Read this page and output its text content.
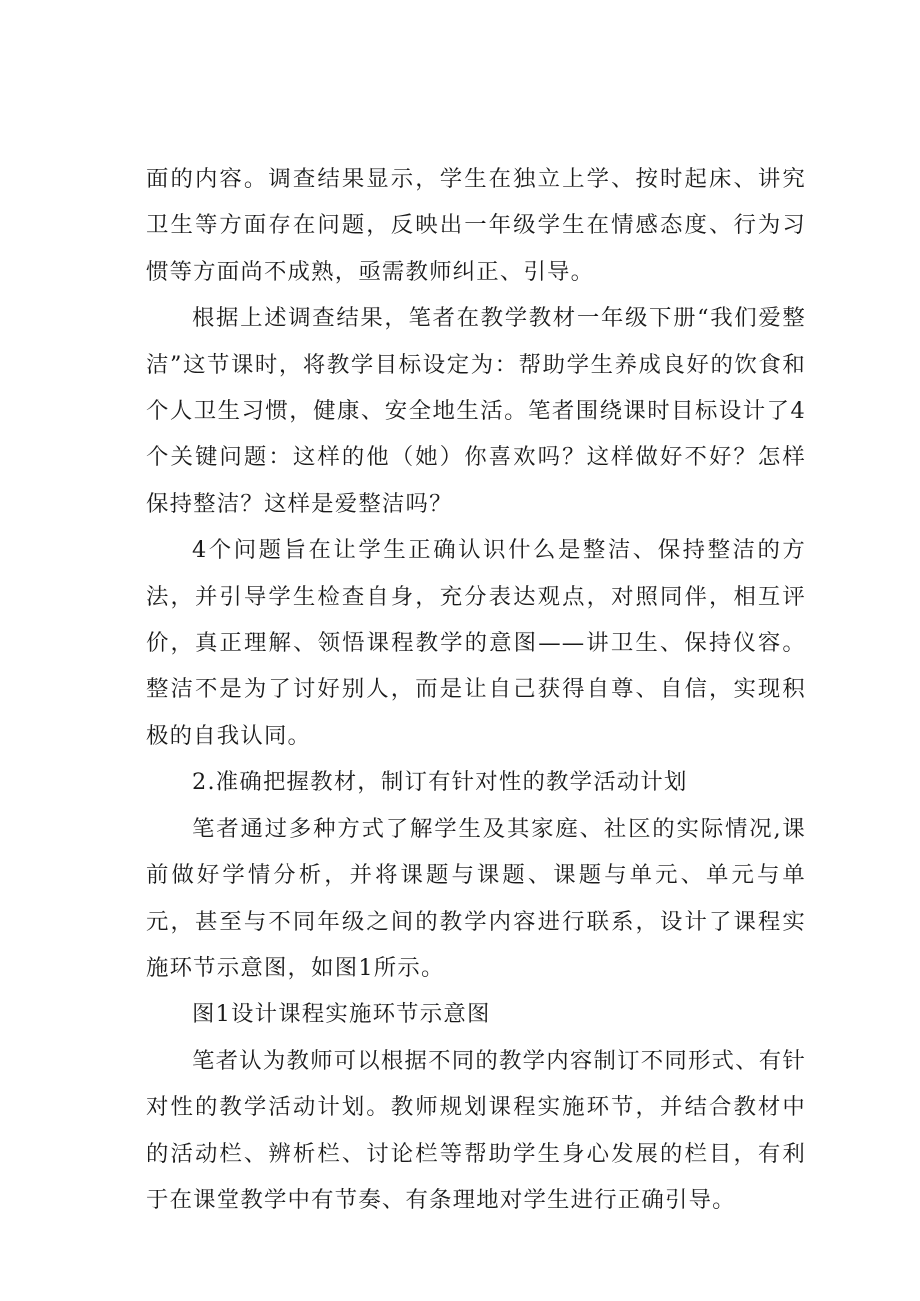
面的内容。调查结果显示，学生在独立上学、按时起床、讲究卫生等方面存在问题，反映出一年级学生在情感态度、行为习惯等方面尚不成熟，亟需教师纠正、引导。

根据上述调查结果，笔者在教学教材一年级下册“我们爱整洁”这节课时，将教学目标设定为：帮助学生养成良好的饮食和个人卫生习惯，健康、安全地生活。笔者围绕课时目标设计了4个关键问题：这样的他（她）你喜欢吗？这样做好不好？怎样保持整洁？这样是爱整洁吗？

4个问题旨在让学生正确认识什么是整洁、保持整洁的方法，并引导学生检查自身，充分表达观点，对照同伴，相互评价，真正理解、领悟课程教学的意图——讲卫生、保持仪容。整洁不是为了讨好别人，而是让自己获得自尊、自信，实现积极的自我认同。

2.准确把握教材，制订有针对性的教学活动计划

笔者通过多种方式了解学生及其家庭、社区的实际情况,课前做好学情分析，并将课题与课题、课题与单元、单元与单元，甚至与不同年级之间的教学内容进行联系，设计了课程实施环节示意图，如图1所示。

图1设计课程实施环节示意图

笔者认为教师可以根据不同的教学内容制订不同形式、有针对性的教学活动计划。教师规划课程实施环节，并结合教材中的活动栏、辨析栏、讨论栏等帮助学生身心发展的栏目，有利于在课堂教学中有节奏、有条理地对学生进行正确引导。
